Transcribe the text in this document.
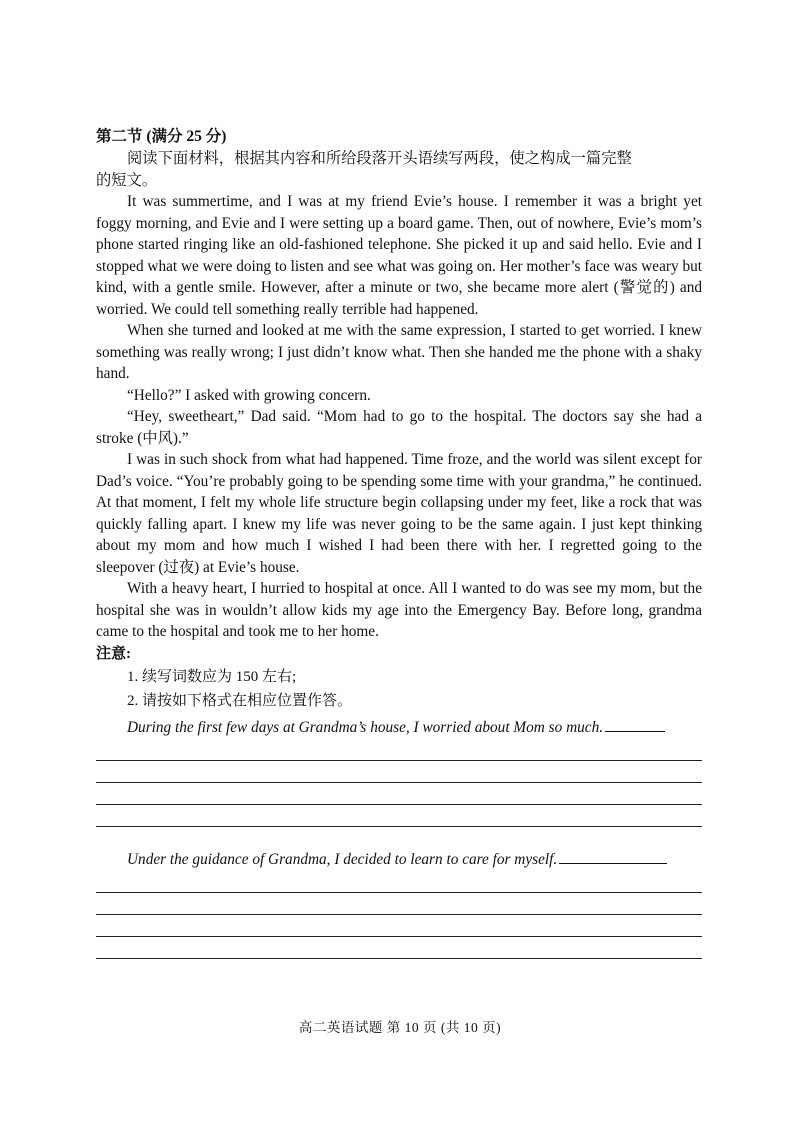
第二节 (满分 25 分)

阅读下面材料，根据其内容和所给段落开头语续写两段，使之构成一篇完整

的短文。

It was summertime, and I was at my friend Evie’s house. I remember it was a bright yet foggy morning, and Evie and I were setting up a board game. Then, out of nowhere, Evie’s mom’s phone started ringing like an old-fashioned telephone. She picked it up and said hello. Evie and I stopped what we were doing to listen and see what was going on. Her mother’s face was weary but kind, with a gentle smile. However, after a minute or two, she became more alert (警觉的) and worried. We could tell something really terrible had happened.

When she turned and looked at me with the same expression, I started to get worried. I knew something was really wrong; I just didn’t know what. Then she handed me the phone with a shaky hand.

“Hello?” I asked with growing concern.

“Hey, sweetheart,” Dad said. “Mom had to go to the hospital. The doctors say she had a stroke (中风).”

I was in such shock from what had happened. Time froze, and the world was silent except for Dad’s voice. “You’re probably going to be spending some time with your grandma,” he continued. At that moment, I felt my whole life structure begin collapsing under my feet, like a rock that was quickly falling apart. I knew my life was never going to be the same again. I just kept thinking about my mom and how much I wished I had been there with her. I regretted going to the sleepover (过夜) at Evie’s house.

With a heavy heart, I hurried to hospital at once. All I wanted to do was see my mom, but the hospital she was in wouldn’t allow kids my age into the Emergency Bay. Before long, grandma came to the hospital and took me to her home.

注意:

1. 续写词数应为 150 左右;

2. 请按如下格式在相应位置作答。

During the first few days at Grandma’s house, I worried about Mom so much.

Under the guidance of Grandma, I decided to learn to care for myself.

高二英语试题 第 10 页 (共 10 页)
